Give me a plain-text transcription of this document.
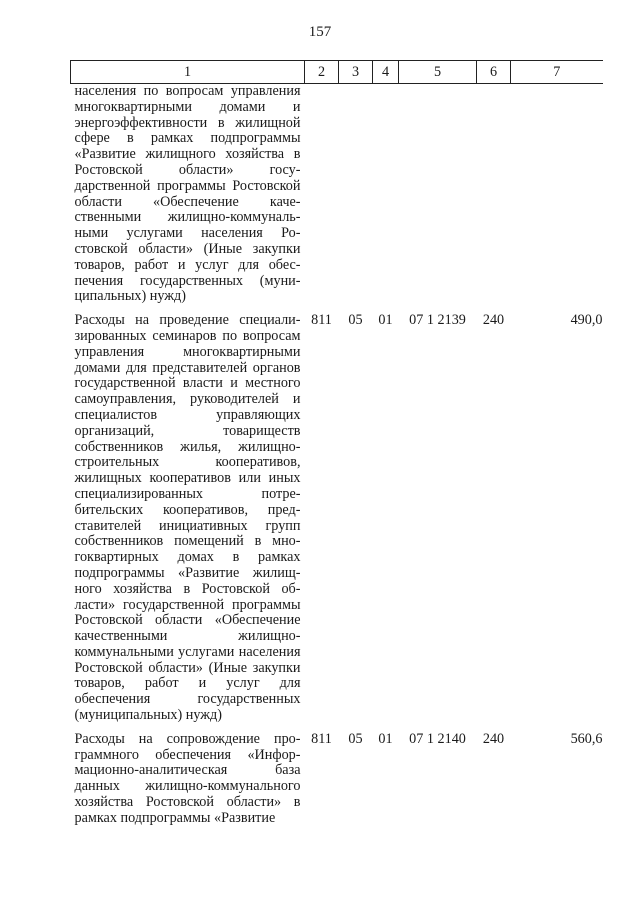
157
1	2	3	4	5	6	7
населения по вопросам управления многоквартирными домами и энергоэффективности в жилищной сфере в рамках подпрограммы «Развитие жилищного хозяйства в Ростовской области» государственной программы Ростовской области «Обеспечение качественными жилищно-коммунальными услугами населения Ростовской области» (Иные закупки товаров, работ и услуг для обеспечения государственных (муниципальных) нужд)						
Расходы на проведение специализированных семинаров по вопросам управления многоквартирными домами для представителей органов государственной власти и местного самоуправления, руководителей и специалистов управляющих организаций, товариществ собственников жилья, жилищно-строительных кооперативов, жилищных кооперативов или иных специализированных потребительских кооперативов, представителей инициативных групп собственников помещений в многоквартирных домах в рамках подпрограммы «Развитие жилищного хозяйства в Ростовской области» государственной программы Ростовской области «Обеспечение качественными жилищно-коммунальными услугами населения Ростовской области» (Иные закупки товаров, работ и услуг для обеспечения государственных (муниципальных) нужд)	811	05	01	07 1 2139	240	490,0
Расходы на сопровождение программного обеспечения «Информационно-аналитическая база данных жилищно-коммунального хозяйства Ростовской области» в рамках подпрограммы «Развитие	811	05	01	07 1 2140	240	560,6
